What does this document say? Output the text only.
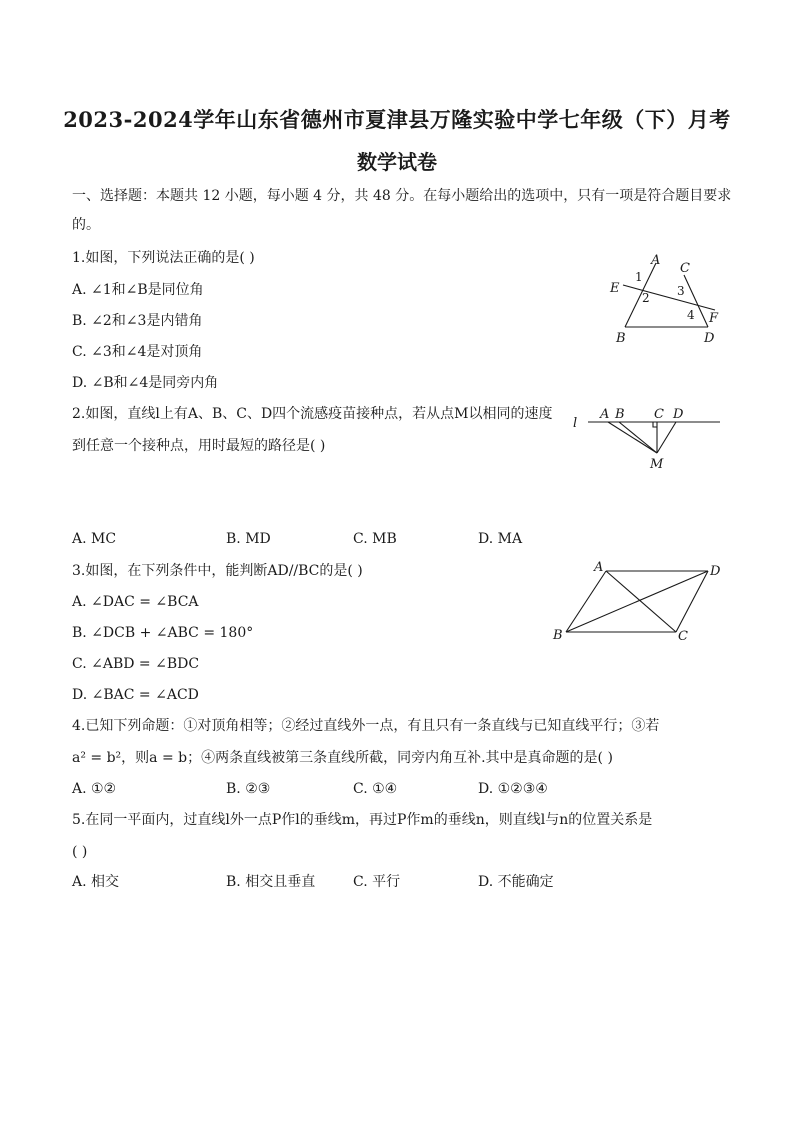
2023-2024学年山东省德州市夏津县万隆实验中学七年级（下）月考
数学试卷
一、选择题：本题共 12 小题，每小题 4 分，共 48 分。在每小题给出的选项中，只有一项是符合题目要求
的。
1.如图，下列说法正确的是( )
A. ∠1和∠B是同位角
B. ∠2和∠3是内错角
C. ∠3和∠4是对顶角
D. ∠B和∠4是同旁内角
A
B
C
D
E
F
1
2 3
4
2.如图，直线l上有A、B、C、D四个流感疫苗接种点，若从点M以相同的速度
到任意一个接种点，用时最短的路径是( )
l
A B C D
M
A. MC	B. MD	C. MB	D. MA
3.如图，在下列条件中，能判断AD//BC的是( )
A. ∠DAC = ∠BCA
B. ∠DCB + ∠ABC = 180°
C. ∠ABD = ∠BDC
D. ∠BAC = ∠ACD
A	D
B	C
4.已知下列命题：①对顶角相等；②经过直线外一点，有且只有一条直线与已知直线平行；③若
a² = b²，则a = b；④两条直线被第三条直线所截，同旁内角互补.其中是真命题的是( )
A. ①②	B. ②③	C. ①④	D. ①②③④
5.在同一平面内，过直线l外一点P作l的垂线m，再过P作m的垂线n，则直线l与n的位置关系是
( )
A. 相交	B. 相交且垂直	C. 平行	D. 不能确定
